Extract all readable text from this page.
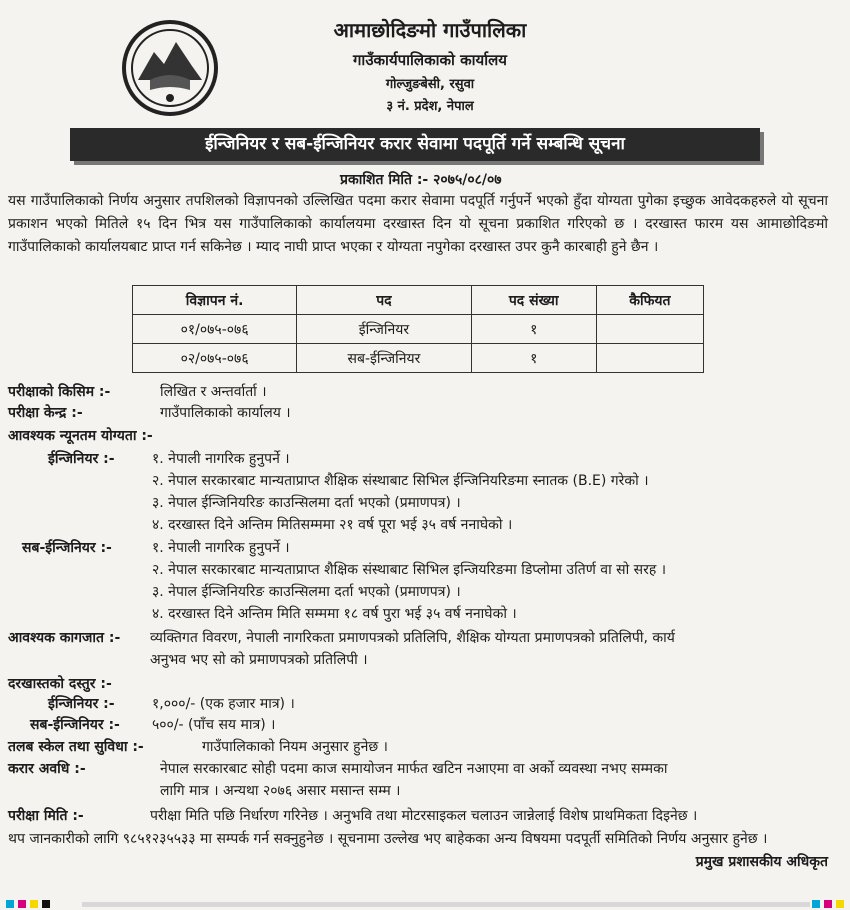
आमाछोदिङमो गाउँपालिका
गाउँकार्यपालिकाको कार्यालय
गोल्जुङबेसी, रसुवा
३ नं. प्रदेश, नेपाल
ईन्जिनियर र सब-ईन्जिनियर करार सेवामा पदपूर्ति गर्ने सम्बन्धि सूचना
प्रकाशित मिति :- २०७५/०८/०७
यस गाउँपालिकाको निर्णय अनुसार तपशिलको विज्ञापनको उल्लिखित पदमा करार सेवामा पदपूर्ति गर्नुपर्ने भएको हुँदा योग्यता पुगेका इच्छुक आवेदकहरुले यो सूचना प्रकाशन भएको मितिले १५ दिन भित्र यस गाउँपालिकाको कार्यालयमा दरखास्त दिन यो सूचना प्रकाशित गरिएको छ । दरखास्त फारम यस आमाछोदिङमो गाउँपालिकाको कार्यालयबाट प्राप्त गर्न सकिनेछ । म्याद नाघी प्राप्त भएका र योग्यता नपुगेका दरखास्त उपर कुनै कारबाही हुने छैन ।
विज्ञापन नं.	पद	पद संख्या	कैफियत
०१/०७५-०७६	ईन्जिनियर	१	
०२/०७५-०७६	सब-ईन्जिनियर	१	
परीक्षाको किसिम :-	लिखित र अन्तर्वार्ता ।
परीक्षा केन्द्र :-	गाउँपालिकाको कार्यालय ।
आवश्यक न्यूनतम योग्यता :-
ईन्जिनियर :-	१. नेपाली नागरिक हुनुपर्ने ।
२. नेपाल सरकारबाट मान्यताप्राप्त शैक्षिक संस्थाबाट सिभिल ईन्जिनियरिङमा स्नातक (B.E) गरेको ।
३. नेपाल ईन्जिनियरिङ काउन्सिलमा दर्ता भएको (प्रमाणपत्र) ।
४. दरखास्त दिने अन्तिम मितिसम्ममा २१ वर्ष पूरा भई ३५ वर्ष ननाघेको ।
सब-ईन्जिनियर :-	१. नेपाली नागरिक हुनुपर्ने ।
२. नेपाल सरकारबाट मान्यताप्राप्त शैक्षिक संस्थाबाट सिभिल इन्जियरिङमा डिप्लोमा उतिर्ण वा सो सरह ।
३. नेपाल ईन्जिनियरिङ काउन्सिलमा दर्ता भएको (प्रमाणपत्र) ।
४. दरखास्त दिने अन्तिम मिति सम्ममा १८ वर्ष पुरा भई ३५ वर्ष ननाघेको ।
आवश्यक कागजात :- व्यक्तिगत विवरण, नेपाली नागरिकता प्रमाणपत्रको प्रतिलिपि, शैक्षिक योग्यता प्रमाणपत्रको प्रतिलिपी, कार्य
अनुभव भए सो को प्रमाणपत्रको प्रतिलिपी ।
दरखास्तको दस्तुर :-
ईन्जिनियर :-	१,०००/- (एक हजार मात्र) ।
सब-ईन्जिनियर :- ५००/- (पाँच सय मात्र) ।
तलब स्केल तथा सुविधा :-	गाउँपालिकाको नियम अनुसार हुनेछ ।
करार अवधि :-	नेपाल सरकारबाट सोही पदमा काज समायोजन मार्फत खटिन नआएमा वा अर्को व्यवस्था नभए सम्मका
लागि मात्र । अन्यथा २०७६ असार मसान्त सम्म ।
परीक्षा मिति :-	परीक्षा मिति पछि निर्धारण गरिनेछ । अनुभवि तथा मोटरसाइकल चलाउन जान्नेलाई विशेष प्राथमिकता दिइनेछ ।
थप जानकारीको लागि ९८५१२३५५३३ मा सम्पर्क गर्न सक्नुहुनेछ । सूचनामा उल्लेख भए बाहेकका अन्य विषयमा पदपूर्ती समितिको निर्णय अनुसार हुनेछ ।
प्रमुख प्रशासकीय अधिकृत
